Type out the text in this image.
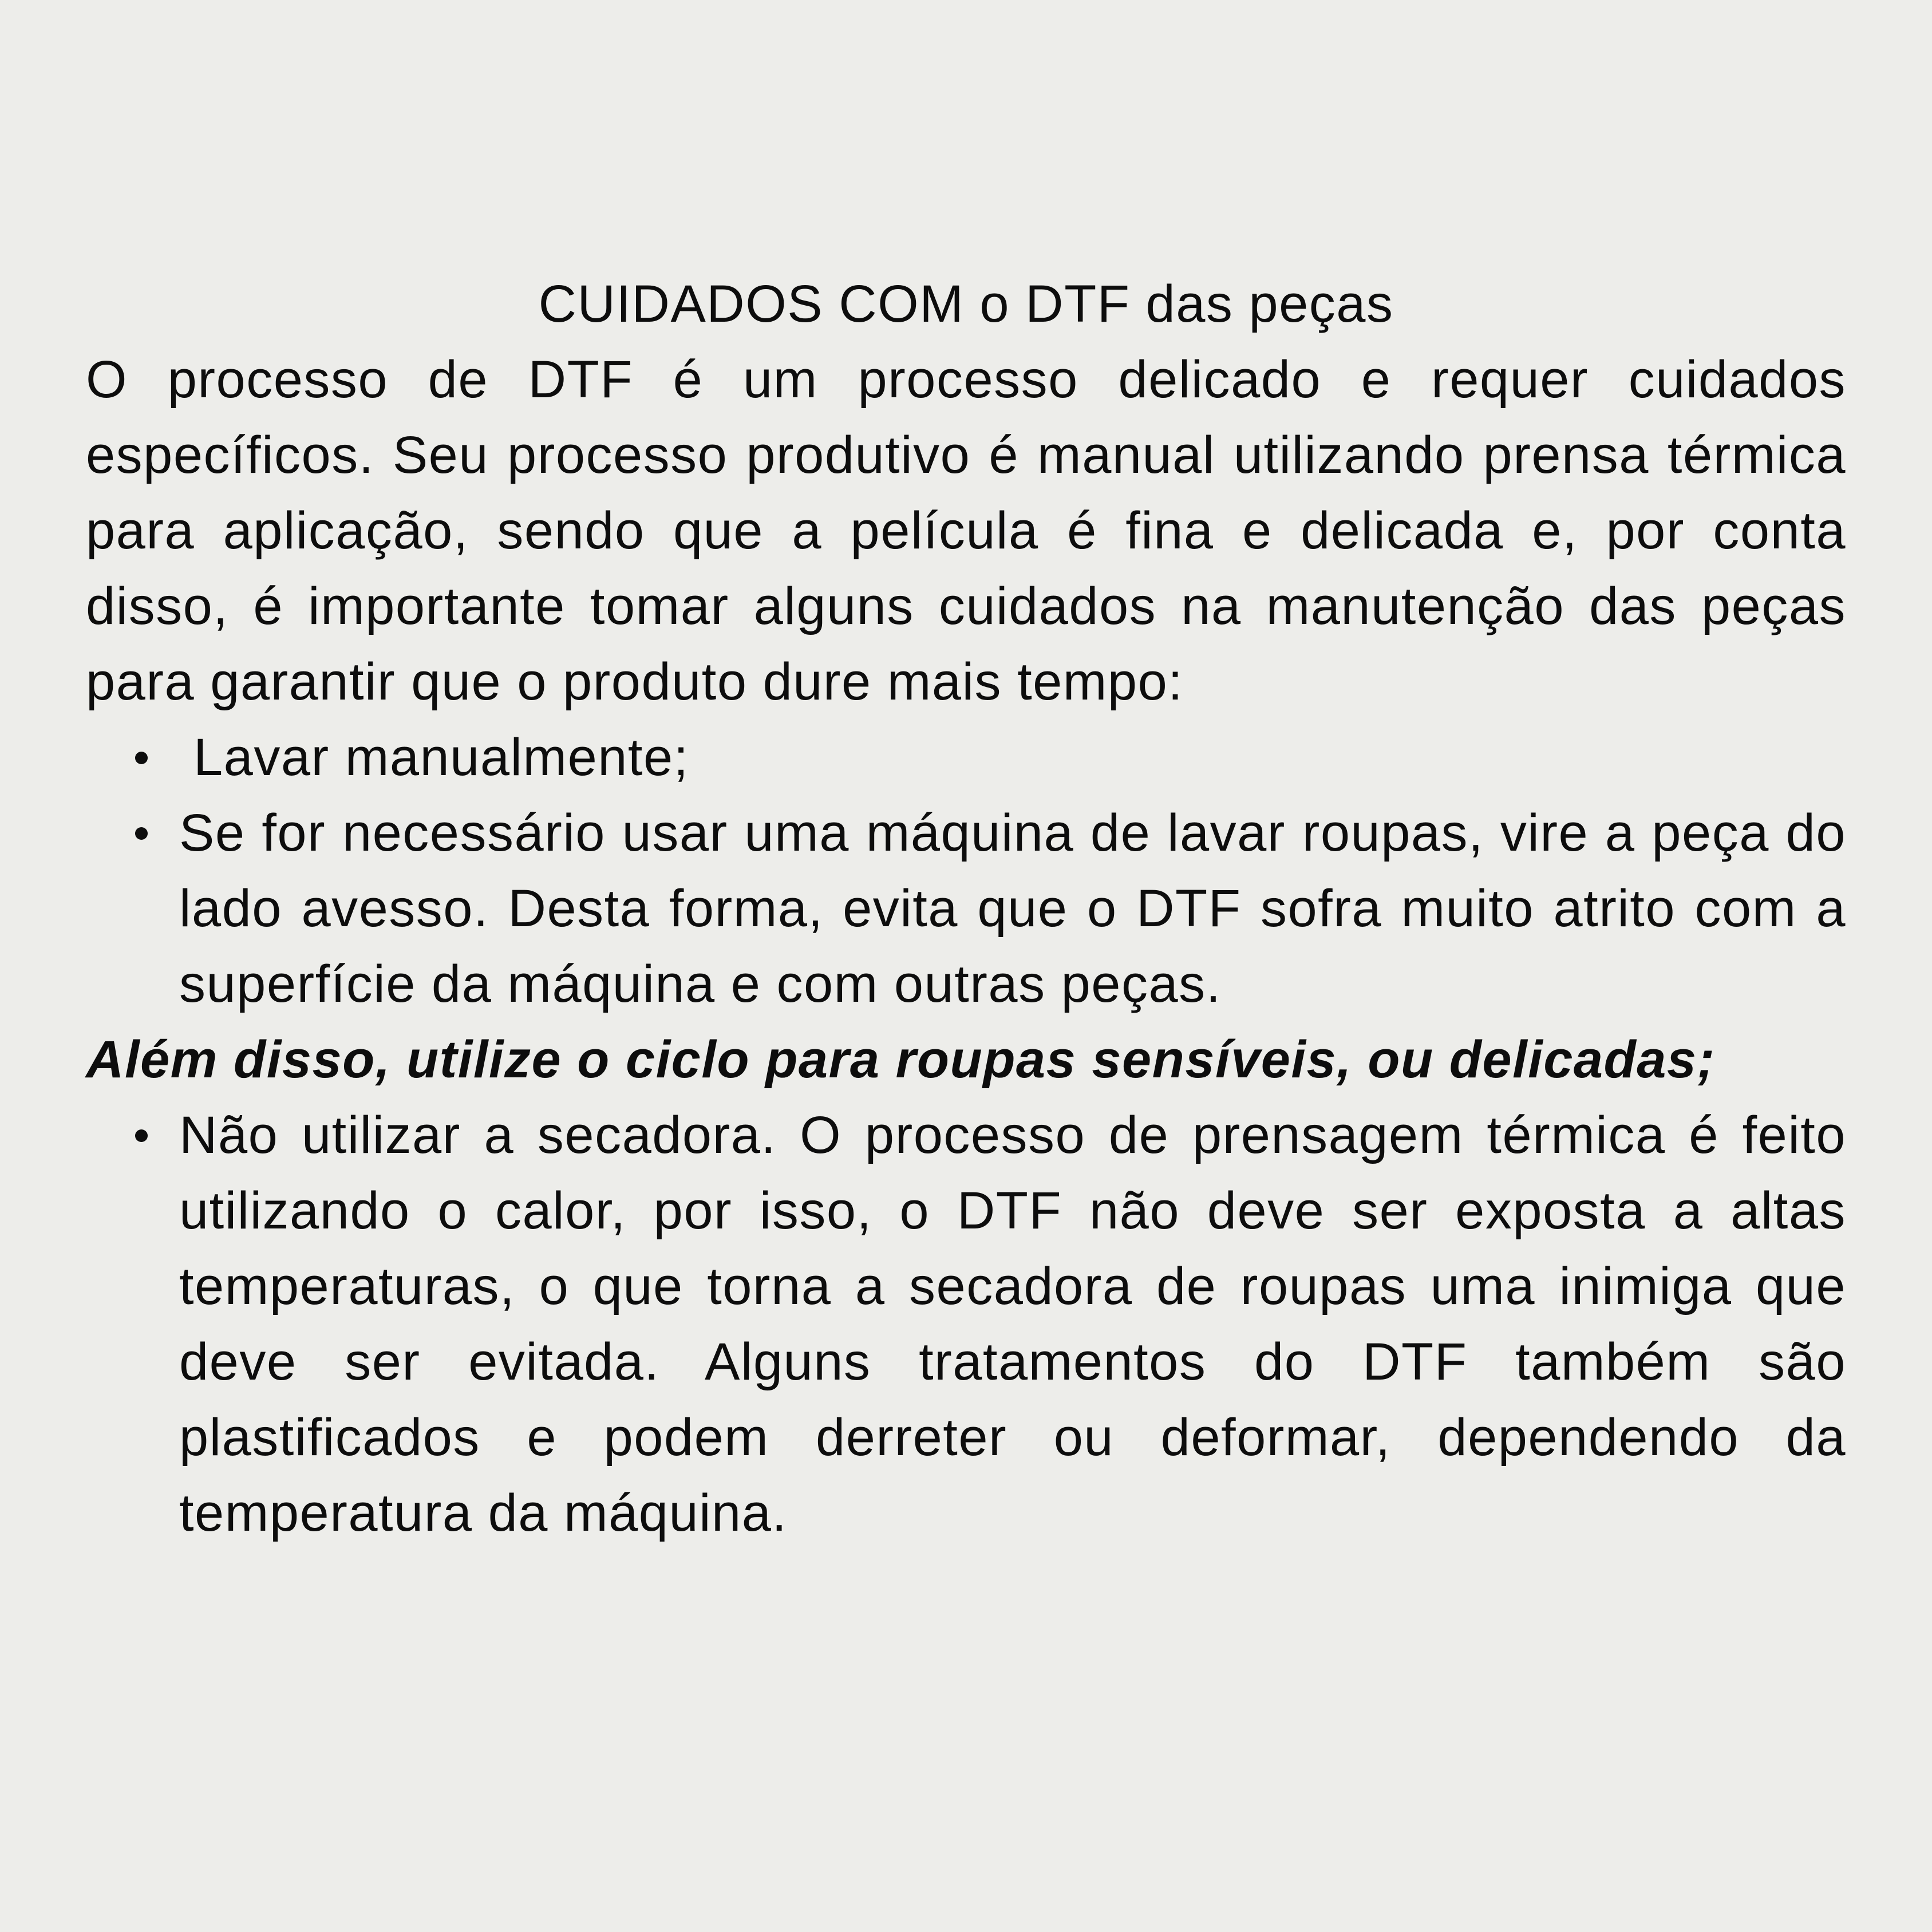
CUIDADOS COM o DTF das peças

O processo de DTF é um processo delicado e requer cuidados específicos. Seu processo produtivo é manual utilizando prensa térmica para aplicação, sendo que a película é fina e delicada e, por conta disso, é importante tomar alguns cuidados na manutenção das peças para garantir que o produto dure mais tempo:

Lavar manualmente;
Se for necessário usar uma máquina de lavar roupas, vire a peça do lado avesso. Desta forma, evita que o DTF sofra muito atrito com a superfície da máquina e com outras peças.

Além disso, utilize o ciclo para roupas sensíveis, ou delicadas;

Não utilizar a secadora. O processo de prensagem térmica é feito utilizando o calor, por isso, o DTF não deve ser exposta a altas temperaturas, o que torna a secadora de roupas uma inimiga que deve ser evitada. Alguns tratamentos do DTF também são plastificados e podem derreter ou deformar, dependendo da temperatura da máquina.
